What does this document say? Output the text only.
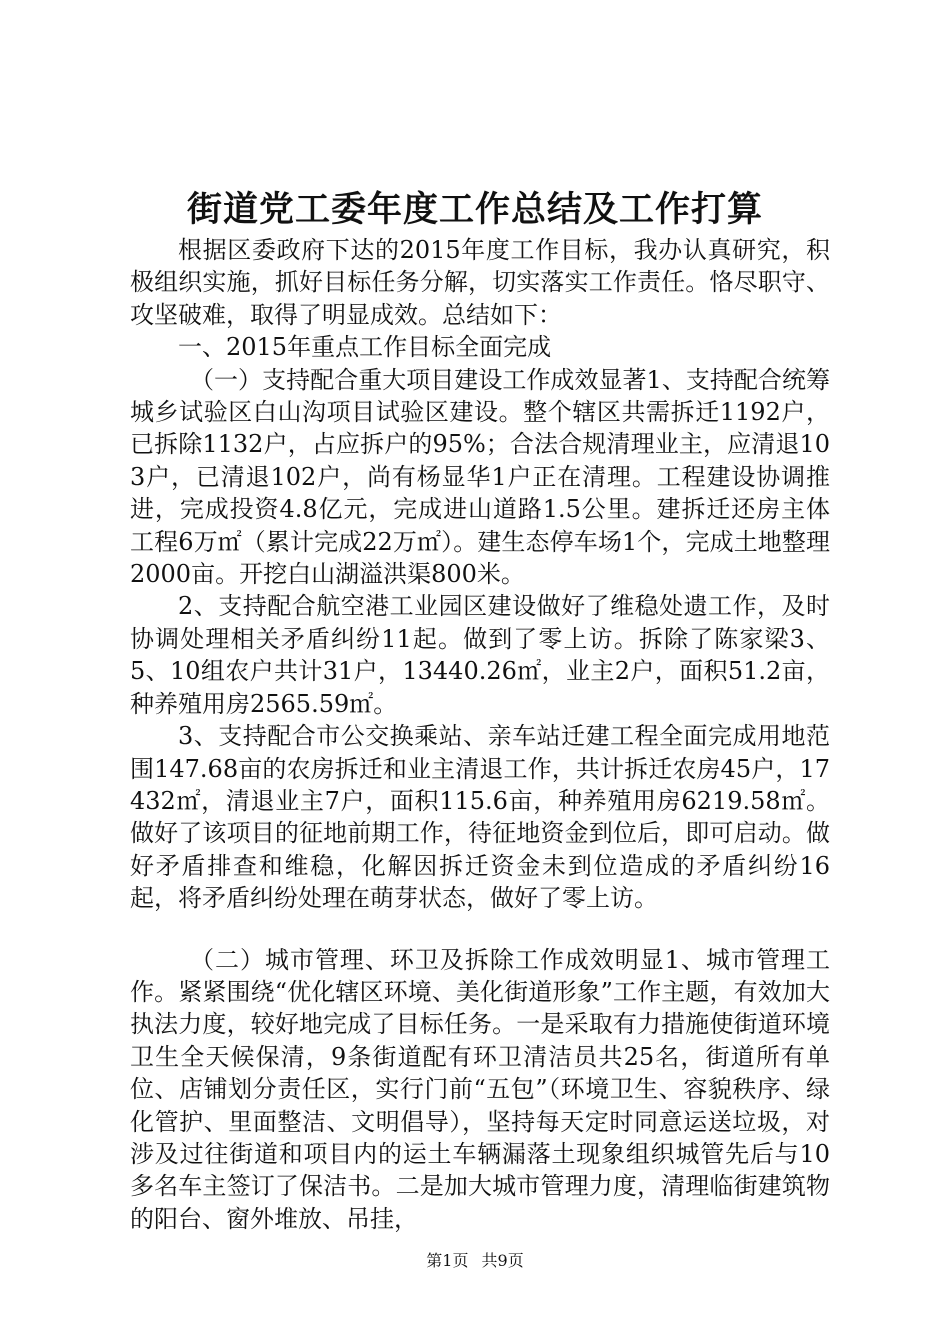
街道党工委年度工作总结及工作打算

根据区委政府下达的2015年度工作目标，我办认真研究，积极组织实施，抓好目标任务分解，切实落实工作责任。恪尽职守、攻坚破难，取得了明显成效。总结如下：

一、2015年重点工作目标全面完成

（一）支持配合重大项目建设工作成效显著1、支持配合统筹城乡试验区白山沟项目试验区建设。整个辖区共需拆迁1192户，已拆除1132户，占应拆户的95%；合法合规清理业主，应清退103户，已清退102户，尚有杨显华1户正在清理。工程建设协调推进，完成投资4.8亿元，完成进山道路1.5公里。建拆迁还房主体工程6万㎡（累计完成22万㎡）。建生态停车场1个，完成土地整理2000亩。开挖白山湖溢洪渠800米。

2、支持配合航空港工业园区建设做好了维稳处遗工作，及时协调处理相关矛盾纠纷11起。做到了零上访。拆除了陈家梁3、5、10组农户共计31户，13440.26㎡，业主2户，面积51.2亩，种养殖用房2565.59㎡。

3、支持配合市公交换乘站、亲车站迁建工程全面完成用地范围147.68亩的农房拆迁和业主清退工作，共计拆迁农房45户，17432㎡，清退业主7户，面积115.6亩，种养殖用房6219.58㎡。做好了该项目的征地前期工作，待征地资金到位后，即可启动。做好矛盾排查和维稳，化解因拆迁资金未到位造成的矛盾纠纷16起，将矛盾纠纷处理在萌芽状态，做好了零上访。

（二）城市管理、环卫及拆除工作成效明显1、城市管理工作。紧紧围绕“优化辖区环境、美化街道形象”工作主题，有效加大执法力度，较好地完成了目标任务。一是采取有力措施使街道环境卫生全天候保清，9条街道配有环卫清洁员共25名，街道所有单位、店铺划分责任区，实行门前“五包”（环境卫生、容貌秩序、绿化管护、里面整洁、文明倡导），坚持每天定时同意运送垃圾，对涉及过往街道和项目内的运土车辆漏落土现象组织城管先后与10多名车主签订了保洁书。二是加大城市管理力度，清理临街建筑物的阳台、窗外堆放、吊挂，

第1页 共9页
